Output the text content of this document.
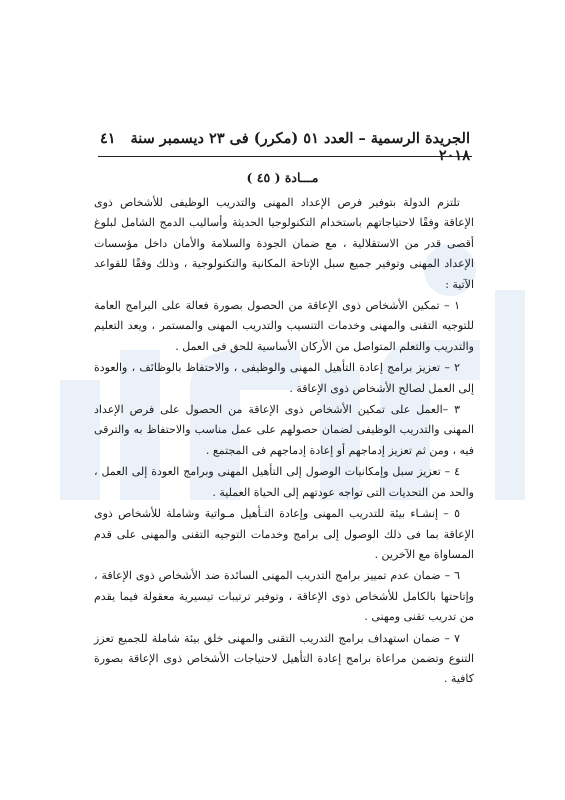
الجريدة الرسمية – العدد ٥١ (مكرر) فى ٢٣ ديسمبر سنة ٢٠١٨
٤١
مـــادة ( ٤٥ )

تلتزم الدولة بتوفير فرص الإعداد المهنى والتدريب الوظيفى للأشخاص ذوى الإعاقة وفقًا لاحتياجاتهم باستخدام التكنولوجيا الحديثة وأساليب الدمج الشامل لبلوغ أقصى قدر من الاستقلالية ، مع ضمان الجودة والسلامة والأمان داخل مؤسسات الإعداد المهنى وتوفير جميع سبل الإتاحة المكانية والتكنولوجية ، وذلك وفقًا للقواعد الآتية :

١ – تمكين الأشخاص ذوى الإعاقة من الحصول بصورة فعالة على البرامج العامة للتوجيه التقنى والمهنى وخدمات التنسيب والتدريب المهنى والمستمر ، ويعد التعليم والتدريب والتعلم المتواصل من الأركان الأساسية للحق فى العمل .

٢ – تعزيز برامج إعادة التأهيل المهنى والوظيفى ، والاحتفاظ بالوظائف ، والعودة إلى العمل لصالح الأشخاص ذوى الإعاقة .

٣ –العمل على تمكين الأشخاص ذوى الإعاقة من الحصول على فرص الإعداد المهنى والتدريب الوظيفى لضمان حصولهم على عمل مناسب والاحتفاظ به والترقى فيه ، ومن ثم تعزيز إدماجهم أو إعادة إدماجهم فى المجتمع .

٤ – تعزيز سبل وإمكانيات الوصول إلى التأهيل المهنى وبرامج العودة إلى العمل ، والحد من التحديات التى تواجه عودتهم إلى الحياة العملية .

٥ – إنشـاء بيئة للتدريب المهنى وإعادة التـأهيل مـواتية وشاملة للأشخاص ذوى الإعاقة بما فى ذلك الوصول إلى برامج وخدمات التوجيه التقنى والمهنى على قدم المساواة مع الآخرين .

٦ – ضمان عدم تمييز برامج التدريب المهنى السائدة ضد الأشخاص ذوى الإعاقة ، وإتاحتها بالكامل للأشخاص ذوى الإعاقة ، وتوفير ترتيبات تيسيرية معقولة فيما يقدم من تدريب تقنى ومهنى .

٧ – ضمان استهداف برامج التدريب التقنى والمهنى خلق بيئة شاملة للجميع تعزز التنوع وتضمن مراعاة برامج إعادة التأهيل لاحتياجات الأشخاص ذوى الإعاقة بصورة كافية .
